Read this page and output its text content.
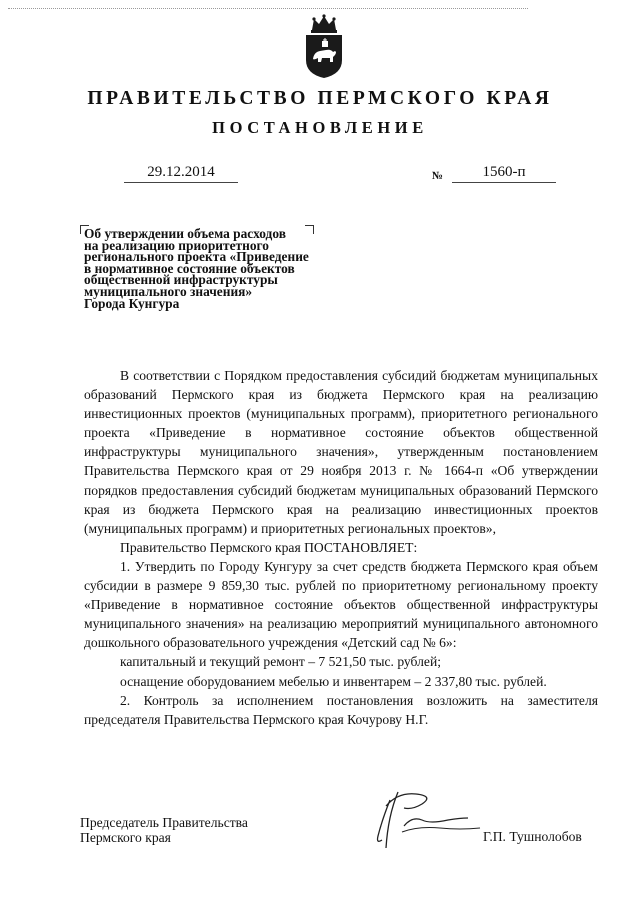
ПРАВИТЕЛЬСТВО ПЕРМСКОГО КРАЯ
ПОСТАНОВЛЕНИЕ
29.12.2014	№	1560-п
Об утверждении объема расходов
на реализацию приоритетного
регионального проекта «Приведение
в нормативное состояние объектов
общественной инфраструктуры
муниципального значения»
Города Кунгура

В соответствии с Порядком предоставления субсидий бюджетам муниципальных образований Пермского края из бюджета Пермского края на реализацию инвестиционных проектов (муниципальных программ), приоритетного регионального проекта «Приведение в нормативное состояние объектов общественной инфраструктуры муниципального значения», утвержденным постановлением Правительства Пермского края от 29 ноября 2013 г. № 1664-п «Об утверждении порядков предоставления субсидий бюджетам муниципальных образований Пермского края из бюджета Пермского края на реализацию инвестиционных проектов (муниципальных программ) и приоритетных региональных проектов»,

Правительство Пермского края ПОСТАНОВЛЯЕТ:

1. Утвердить по Городу Кунгуру за счет средств бюджета Пермского края объем субсидии в размере 9 859,30 тыс. рублей по приоритетному региональному проекту «Приведение в нормативное состояние объектов общественной инфраструктуры муниципального значения» на реализацию мероприятий муниципального автономного дошкольного образовательного учреждения «Детский сад № 6»:

капитальный и текущий ремонт – 7 521,50 тыс. рублей;

оснащение оборудованием мебелью и инвентарем – 2 337,80 тыс. рублей.

2. Контроль за исполнением постановления возложить на заместителя председателя Правительства Пермского края Кочурову Н.Г.

Председатель Правительства
Пермского края	Г.П. Тушнолобов
